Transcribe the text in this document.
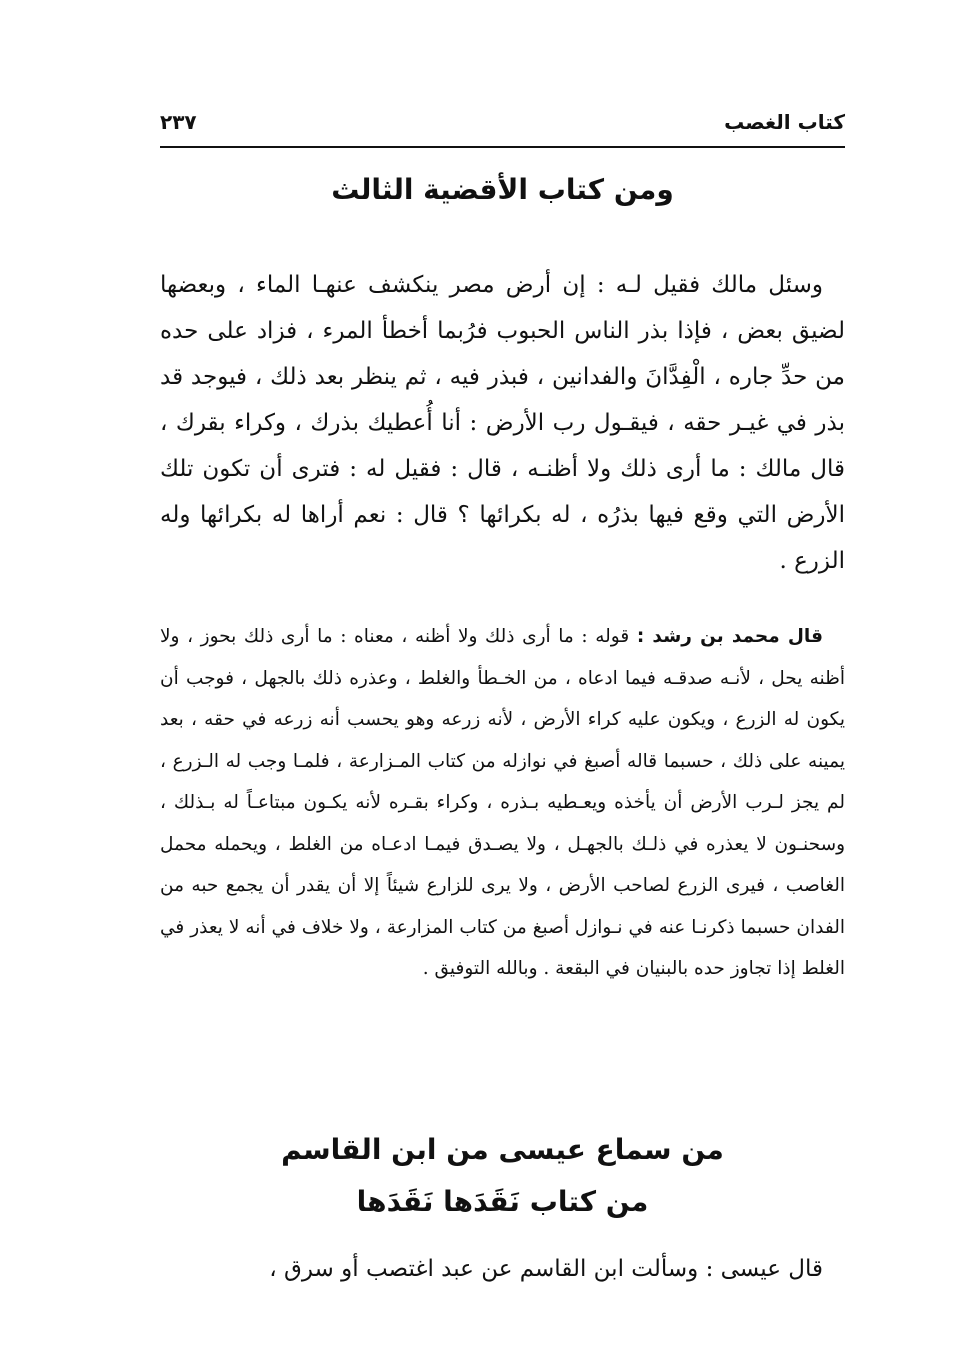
كتاب الغصب
٢٣٧
ومن كتاب الأقضية الثالث

وسئل مالك فقيل لـه : إن أرض مصر ينكشف عنهـا الماء ، وبعضها لضيق بعض ، فإذا بذر الناس الحبوب فرُبما أخطأ المرء ، فزاد على حده من حدِّ جاره ، الْفِدَّانَ والفدانين ، فبذر فيه ، ثم ينظر بعد ذلك ، فيوجد قد بذر في غيـر حقه ، فيقـول رب الأرض : أنا أُعطيك بذرك ، وكراء بقرك ، قال مالك : ما أرى ذلك ولا أظنـه ، قال : فقيل له : فترى أن تكون تلك الأرض التي وقع فيها بذرُه ، له بكرائها ؟ قال : نعم أراها له بكرائها وله الزرع .

قال محمد بن رشد : قوله : ما أرى ذلك ولا أظنه ، معناه : ما أرى ذلك بحوز ، ولا أظنه يحل ، لأنـه صدقـه فيما ادعاه ، من الخـطأ والغلط ، وعذره ذلك بالجهل ، فوجب أن يكون له الزرع ، ويكون عليه كراء الأرض ، لأنه زرعه وهو يحسب أنه زرعه في حقه ، بعد يمينه على ذلك ، حسبما قاله أصبغ في نوازله من كتاب المـزارعة ، فلمـا وجب له الـزرع ، لم يجز لـرب الأرض أن يأخذه ويعـطيه بـذره ، وكراء بقـره لأنه يكـون مبتاعـاً له بـذلك ، وسحنـون لا يعذره في ذلـك بالجهـل ، ولا يصـدق فيمـا ادعـاه من الغلط ، ويحمله محمل الغاصب ، فيرى الزرع لصاحب الأرض ، ولا يرى للزارع شيئاً إلا أن يقدر أن يجمع حبه من الفدان حسبما ذكرنـا عنه في نـوازل أصبغ من كتاب المزارعة ، ولا خلاف في أنه لا يعذر في الغلط إذا تجاوز حده بالبنيان في البقعة . وبالله التوفيق .

من سماع عيسى من ابن القاسم
من كتاب نَقَدَها نَقَدَها

قال عيسى : وسألت ابن القاسم عن عبد اغتصب أو سرق ،
